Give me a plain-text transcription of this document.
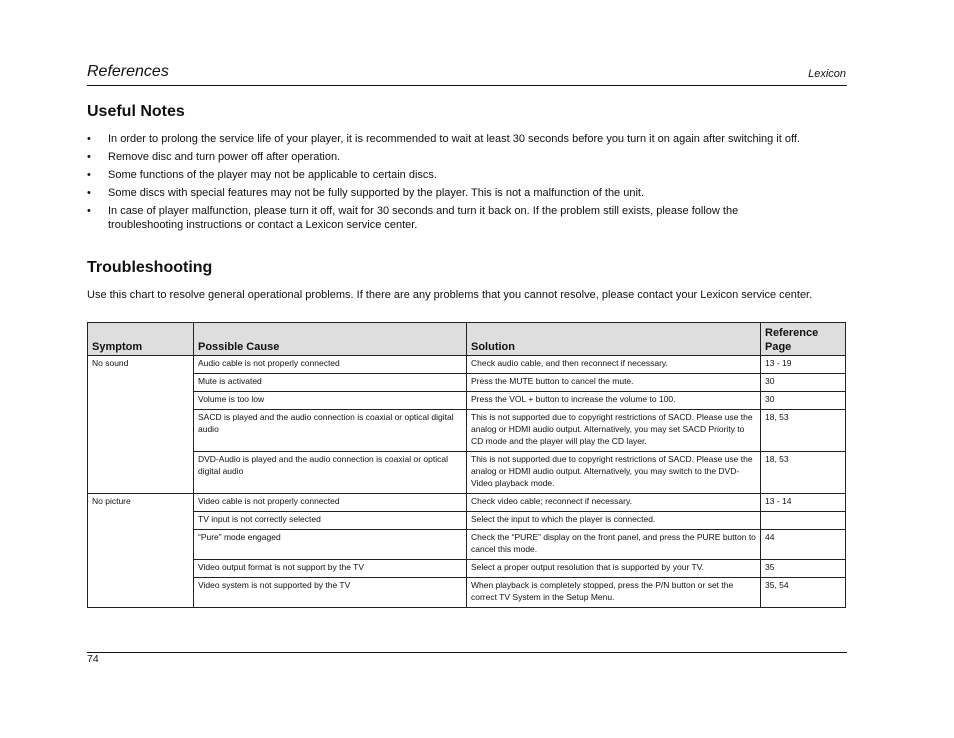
References	Lexicon
Useful Notes
• In order to prolong the service life of your player, it is recommended to wait at least 30 seconds before you turn it on again after switching it off.
• Remove disc and turn power off after operation.
• Some functions of the player may not be applicable to certain discs.
• Some discs with special features may not be fully supported by the player. This is not a malfunction of the unit.
• In case of player malfunction, please turn it off, wait for 30 seconds and turn it back on. If the problem still exists, please follow the troubleshooting instructions or contact a Lexicon service center.
Troubleshooting

Use this chart to resolve general operational problems. If there are any problems that you cannot resolve, please contact your Lexicon service center.

Symptom	Possible Cause	Solution	Reference Page
No sound	Audio cable is not properly connected	Check audio cable, and then reconnect if necessary.	13 - 19
	Mute is activated	Press the MUTE button to cancel the mute.	30
	Volume is too low	Press the VOL + button to increase the volume to 100.	30
	SACD is played and the audio connection is coaxial or optical digital audio	This is not supported due to copyright restrictions of SACD. Please use the analog or HDMI audio output. Alternatively, you may set SACD Priority to CD mode and the player will play the CD layer.	18, 53
	DVD-Audio is played and the audio connection is coaxial or optical digital audio	This is not supported due to copyright restrictions of SACD. Please use the analog or HDMI audio output. Alternatively, you may switch to the DVD-Video playback mode.	18, 53
No picture	Video cable is not properly connected	Check video cable; reconnect if necessary.	13 - 14
	TV input is not correctly selected	Select the input to which the player is connected.	
	“Pure” mode engaged	Check the “PURE” display on the front panel, and press the PURE button to cancel this mode.	44
	Video output format is not support by the TV	Select a proper output resolution that is supported by your TV.	35
	Video system is not supported by the TV	When playback is completely stopped, press the P/N button or set the correct TV System in the Setup Menu.	35, 54
74
